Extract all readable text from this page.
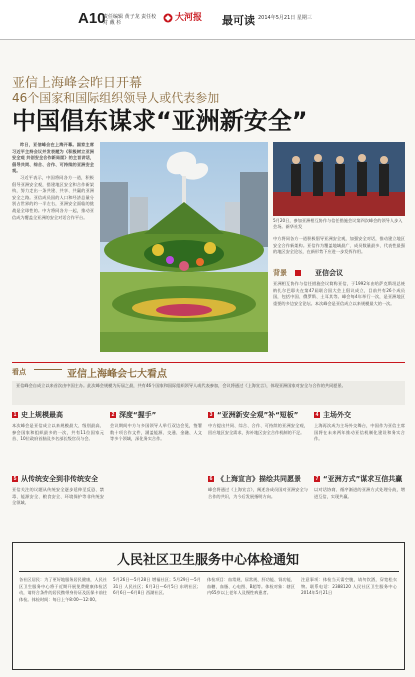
A10
责任编辑 黄子龙 责任校对 戴 杉	大河报 最可读 2014年5月21日 星期三
亚信上海峰会昨日开幕
46个国家和国际组织领导人或代表参加
中国倡东谋求“亚洲新安全”

昨日，亚信峰会在上海开幕。国家主席习近平主持会议并发表题为《积极树立亚洲安全观 共创安全合作新局面》的主旨讲话，倡导共同、综合、合作、可持续的亚洲安全观。

习近平表示，中国将同各方一道，积极倡导亚洲安全观，搭建地区安全和合作新架构，努力走出一条共建、共享、共赢的亚洲安全之路。亚信成员国的人口和经济总量分别占世界的约一半左右，亚洲安全面临的挑战是全球性的。中方将同各方一起，推动亚信成为覆盖全亚洲的安全对话合作平台。

5月20日，参加亚洲相互协作与信任措施会议第四次峰会的领导人步入会场。新华社发
中方将同各方一道积极倡导亚洲安全观，加强安全对话，推动建立地区安全合作新架构。亚信作为覆盖地域最广、成员数量最多、代表性最强的地区安全论坛，在新形势下应进一步发挥作用。
背景	亚信会议
亚洲相互协作与信任措施会议简称亚信，于1992年由哈萨克斯坦总统纳扎尔巴耶夫在第47届联合国大会上倡议成立，目前共有26个成员国，包括中国、俄罗斯、土耳其等。峰会每4年举行一次，是亚洲地区重要的多边安全论坛。本次峰会是亚信成立以来规模最大的一次。
看点	亚信上海峰会七大看点
亚信峰会自成立以来首次由中国主办。此次峰会规模为历届之最，共有46个国家和国际组织领导人或代表参加，会议将通过《上海宣言》，体现亚洲国家对安全与合作的共同愿景。
1 史上规模最高
本次峰会是亚信成立以来规模最大、级别最高、参会国家和组织最多的一次，共有11位国家元首、10位政府首脑及多名部长级官员与会。
5 从传统安全到非传统安全
亚信关注的议题从传统安全逐步延伸至反恐、禁毒、能源安全、粮食安全、环境保护等非传统安全领域。
2 深度“握手”
会议期间中方与多国领导人举行双边会见，签署数十项合作文件，涵盖能源、交通、金融、人文等多个领域，深化务实合作。
3 “亚洲新安全观”补“短板”
中方提出共同、综合、合作、可持续的亚洲安全观，回应地区安全需求，弥补地区安全合作机制的不足。
6 《上海宣言》描绘共同愿景
峰会将通过《上海宣言》，阐述各成员国对亚洲安全与合作的共识，为今后发展指明方向。
4 主场外交
上海再次成为主场外交舞台，中国作为亚信主席国将在未来两年推动亚信机制化建设和务实合作。
7 “亚洲方式”谋求互信共赢
以对话协商、循序渐进的亚洲方式处理分歧，增进互信，实现共赢。
人民社区卫生服务中心体检通知
各社区居民：为了更好地服务居民健康，人民社区卫生服务中心将于近期开展免费健康体检活动，请符合条件的居民携带身份证及医保卡前往体检。体检时间：每日上午8:00—12:00。
5月26日—5月28日 增福社区；5月29日—5月31日 人民社区；6月3日—6月5日 东明社区；6月6日—6月8日 西湖社区。
体检项目：血常规、尿常规、肝功能、肾功能、血糖、血脂、心电图、B超等。体检对象：辖区内65岁以上老年人及慢性病患者。
注意事项：体检当天需空腹，请勿饮酒，穿宽松衣物。联系电话：2388120 人民社区卫生服务中心 2014年5月21日
